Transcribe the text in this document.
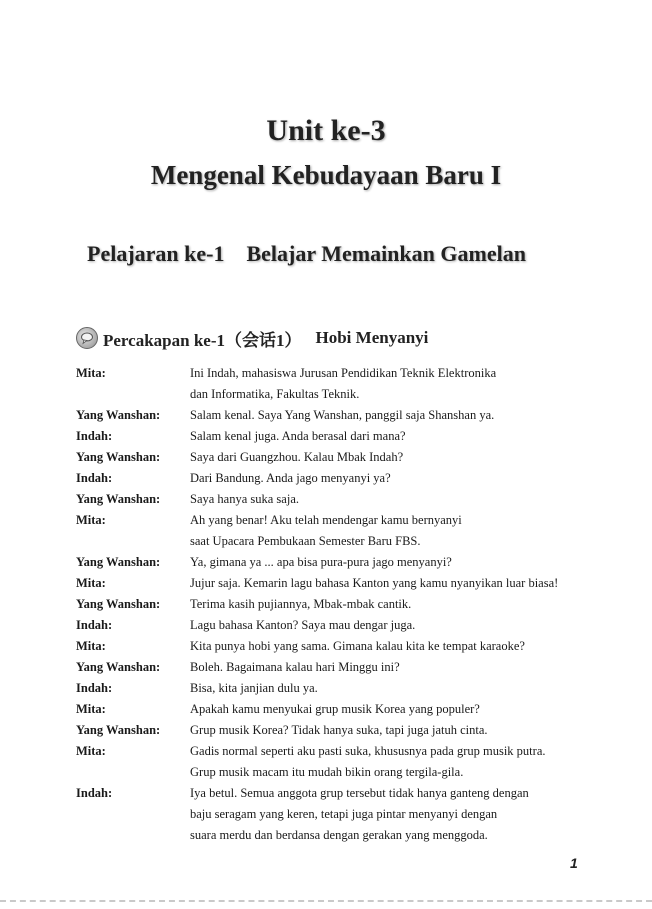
Unit ke-3
Mengenal Kebudayaan Baru I
Pelajaran ke-1 Belajar Memainkan Gamelan
Percakapan ke-1（会话1） Hobi Menyanyi
Mita:	Ini Indah, mahasiswa Jurusan Pendidikan Teknik Elektronika
dan Informatika, Fakultas Teknik.
Yang Wanshan:	Salam kenal. Saya Yang Wanshan, panggil saja Shanshan ya.
Indah:	Salam kenal juga. Anda berasal dari mana?
Yang Wanshan:	Saya dari Guangzhou. Kalau Mbak Indah?
Indah:	Dari Bandung. Anda jago menyanyi ya?
Yang Wanshan:	Saya hanya suka saja.
Mita:	Ah yang benar! Aku telah mendengar kamu bernyanyi
saat Upacara Pembukaan Semester Baru FBS.
Yang Wanshan:	Ya, gimana ya ... apa bisa pura-pura jago menyanyi?
Mita:	Jujur saja. Kemarin lagu bahasa Kanton yang kamu nyanyikan luar biasa!
Yang Wanshan:	Terima kasih pujiannya, Mbak-mbak cantik.
Indah:	Lagu bahasa Kanton? Saya mau dengar juga.
Mita:	Kita punya hobi yang sama. Gimana kalau kita ke tempat karaoke?
Yang Wanshan:	Boleh. Bagaimana kalau hari Minggu ini?
Indah:	Bisa, kita janjian dulu ya.
Mita:	Apakah kamu menyukai grup musik Korea yang populer?
Yang Wanshan:	Grup musik Korea? Tidak hanya suka, tapi juga jatuh cinta.
Mita:	Gadis normal seperti aku pasti suka, khususnya pada grup musik putra.
Grup musik macam itu mudah bikin orang tergila-gila.
Indah:	Iya betul. Semua anggota grup tersebut tidak hanya ganteng dengan
baju seragam yang keren, tetapi juga pintar menyanyi dengan
suara merdu dan berdansa dengan gerakan yang menggoda.
1
